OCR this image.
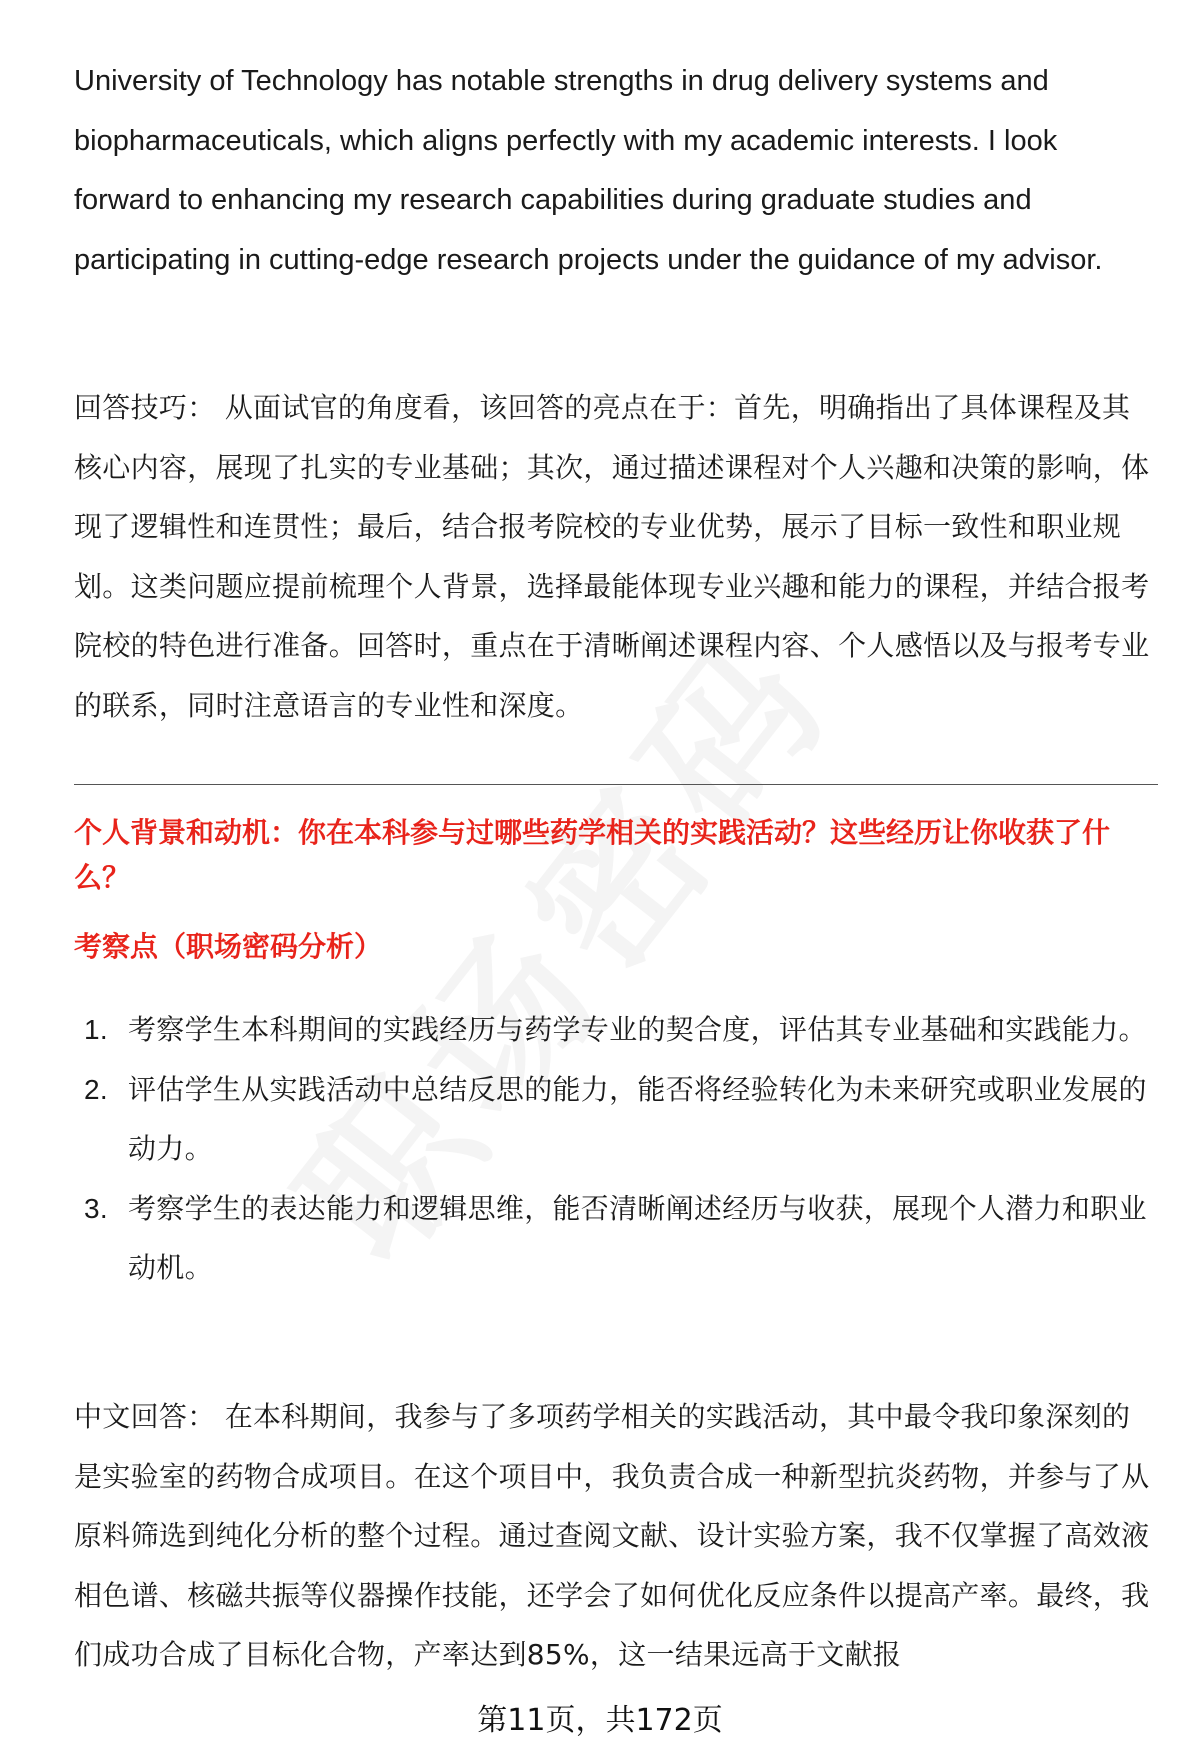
University of Technology has notable strengths in drug delivery systems and biopharmaceuticals, which aligns perfectly with my academic interests. I look forward to enhancing my research capabilities during graduate studies and participating in cutting-edge research projects under the guidance of my advisor.

回答技巧： 从面试官的角度看，该回答的亮点在于：首先，明确指出了具体课程及其核心内容，展现了扎实的专业基础；其次，通过描述课程对个人兴趣和决策的影响，体现了逻辑性和连贯性；最后，结合报考院校的专业优势，展示了目标一致性和职业规划。这类问题应提前梳理个人背景，选择最能体现专业兴趣和能力的课程，并结合报考院校的特色进行准备。回答时，重点在于清晰阐述课程内容、个人感悟以及与报考专业的联系，同时注意语言的专业性和深度。

个人背景和动机：你在本科参与过哪些药学相关的实践活动？这些经历让你收获了什么？

考察点（职场密码分析）

1. 考察学生本科期间的实践经历与药学专业的契合度，评估其专业基础和实践能力。
2. 评估学生从实践活动中总结反思的能力，能否将经验转化为未来研究或职业发展的动力。
3. 考察学生的表达能力和逻辑思维，能否清晰阐述经历与收获，展现个人潜力和职业动机。

中文回答： 在本科期间，我参与了多项药学相关的实践活动，其中最令我印象深刻的是实验室的药物合成项目。在这个项目中，我负责合成一种新型抗炎药物，并参与了从原料筛选到纯化分析的整个过程。通过查阅文献、设计实验方案，我不仅掌握了高效液相色谱、核磁共振等仪器操作技能，还学会了如何优化反应条件以提高产率。最终，我们成功合成了目标化合物，产率达到85%，这一结果远高于文献报

第11页，共172页
